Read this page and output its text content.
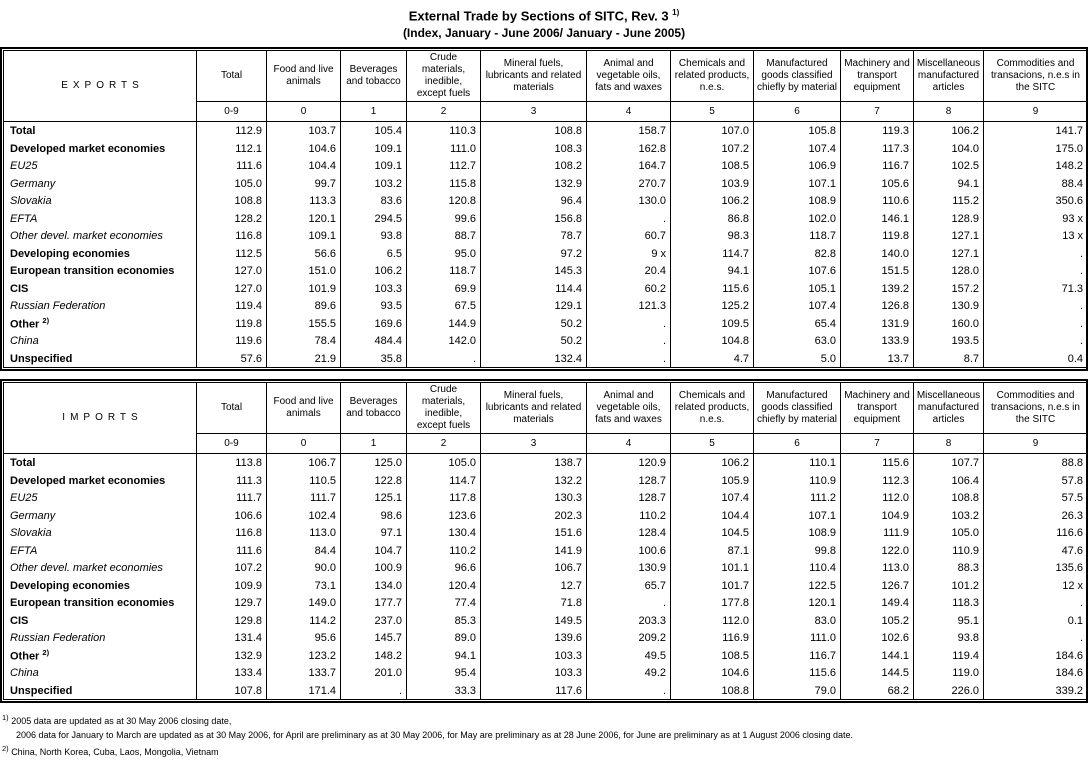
External Trade by Sections of SITC, Rev. 3 $^{1)}$
(Index, January - June 2006/ January - June 2005)
EXPORTS	Total	Food and live animals	Beverages and tobacco	Crude materials, inedible, except fuels	Mineral fuels, lubricants and related materials	Animal and vegetable oils, fats and waxes	Chemicals and related products, n.e.s.	Manufactured goods classified chiefly by material	Machinery and transport equipment	Miscellaneous manufactured articles	Commodities and transacions, n.e.s in the SITC
	0-9	0	1	2	3	4	5	6	7	8	9
Total	112.9	103.7	105.4	110.3	108.8	158.7	107.0	105.8	119.3	106.2	141.7
Developed market economies	112.1	104.6	109.1	111.0	108.3	162.8	107.2	107.4	117.3	104.0	175.0
EU25	111.6	104.4	109.1	112.7	108.2	164.7	108.5	106.9	116.7	102.5	148.2
Germany	105.0	99.7	103.2	115.8	132.9	270.7	103.9	107.1	105.6	94.1	88.4
Slovakia	108.8	113.3	83.6	120.8	96.4	130.0	106.2	108.9	110.6	115.2	350.6
EFTA	128.2	120.1	294.5	99.6	156.8	.	86.8	102.0	146.1	128.9	93 x
Other devel. market economies	116.8	109.1	93.8	88.7	78.7	60.7	98.3	118.7	119.8	127.1	13 x
Developing economies	112.5	56.6	6.5	95.0	97.2	9 x	114.7	82.8	140.0	127.1	.
European transition economies	127.0	151.0	106.2	118.7	145.3	20.4	94.1	107.6	151.5	128.0	.
CIS	127.0	101.9	103.3	69.9	114.4	60.2	115.6	105.1	139.2	157.2	71.3
Russian Federation	119.4	89.6	93.5	67.5	129.1	121.3	125.2	107.4	126.8	130.9	.
Other $^{2)}$	119.8	155.5	169.6	144.9	50.2	.	109.5	65.4	131.9	160.0	.
China	119.6	78.4	484.4	142.0	50.2	.	104.8	63.0	133.9	193.5	.
Unspecified	57.6	21.9	35.8	.	132.4	.	4.7	5.0	13.7	8.7	0.4
IMPORTS	Total	Food and live animals	Beverages and tobacco	Crude materials, inedible, except fuels	Mineral fuels, lubricants and related materials	Animal and vegetable oils, fats and waxes	Chemicals and related products, n.e.s.	Manufactured goods classified chiefly by material	Machinery and transport equipment	Miscellaneous manufactured articles	Commodities and transacions, n.e.s in the SITC
	0-9	0	1	2	3	4	5	6	7	8	9
Total	113.8	106.7	125.0	105.0	138.7	120.9	106.2	110.1	115.6	107.7	88.8
Developed market economies	111.3	110.5	122.8	114.7	132.2	128.7	105.9	110.9	112.3	106.4	57.8
EU25	111.7	111.7	125.1	117.8	130.3	128.7	107.4	111.2	112.0	108.8	57.5
Germany	106.6	102.4	98.6	123.6	202.3	110.2	104.4	107.1	104.9	103.2	26.3
Slovakia	116.8	113.0	97.1	130.4	151.6	128.4	104.5	108.9	111.9	105.0	116.6
EFTA	111.6	84.4	104.7	110.2	141.9	100.6	87.1	99.8	122.0	110.9	47.6
Other devel. market economies	107.2	90.0	100.9	96.6	106.7	130.9	101.1	110.4	113.0	88.3	135.6
Developing economies	109.9	73.1	134.0	120.4	12.7	65.7	101.7	122.5	126.7	101.2	12 x
European transition economies	129.7	149.0	177.7	77.4	71.8	.	177.8	120.1	149.4	118.3	.
CIS	129.8	114.2	237.0	85.3	149.5	203.3	112.0	83.0	105.2	95.1	0.1
Russian Federation	131.4	95.6	145.7	89.0	139.6	209.2	116.9	111.0	102.6	93.8	.
Other $^{2)}$	132.9	123.2	148.2	94.1	103.3	49.5	108.5	116.7	144.1	119.4	184.6
China	133.4	133.7	201.0	95.4	103.3	49.2	104.6	115.6	144.5	119.0	184.6
Unspecified	107.8	171.4	.	33.3	117.6	.	108.8	79.0	68.2	226.0	339.2
$^{1)}$ 2005 data are updated as at 30 May 2006 closing date,
2006 data for January to March are updated as at 30 May 2006, for April are preliminary as at 30 May 2006, for May are preliminary as at 28 June 2006, for June are preliminary as at 1 August 2006 closing date.
$^{2)}$ China, North Korea, Cuba, Laos, Mongolia, Vietnam
